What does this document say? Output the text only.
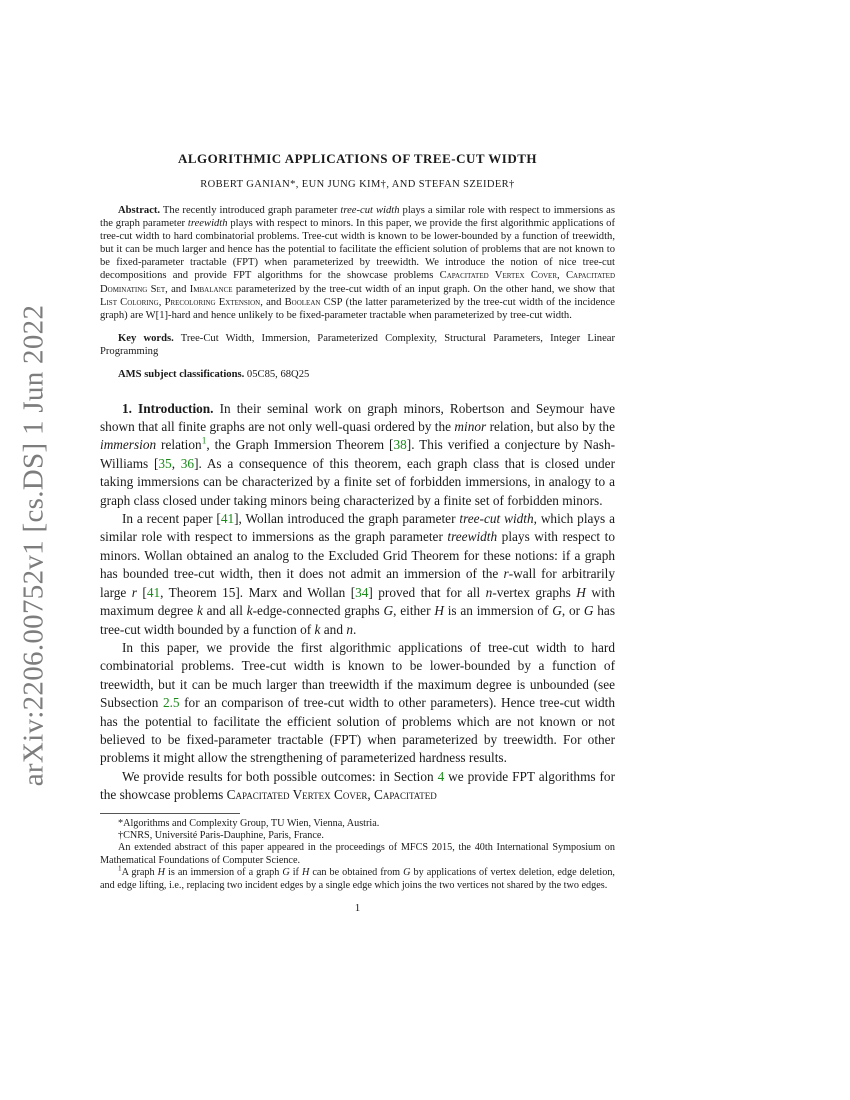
arXiv:2206.00752v1 [cs.DS] 1 Jun 2022
ALGORITHMIC APPLICATIONS OF TREE-CUT WIDTH
ROBERT GANIAN*, EUN JUNG KIM†, AND STEFAN SZEIDER†

Abstract. The recently introduced graph parameter tree-cut width plays a similar role with respect to immersions as the graph parameter treewidth plays with respect to minors. In this paper, we provide the first algorithmic applications of tree-cut width to hard combinatorial problems. Tree-cut width is known to be lower-bounded by a function of treewidth, but it can be much larger and hence has the potential to facilitate the efficient solution of problems that are not known to be fixed-parameter tractable (FPT) when parameterized by treewidth. We introduce the notion of nice tree-cut decompositions and provide FPT algorithms for the showcase problems Capacitated Vertex Cover, Capacitated Dominating Set, and Imbalance parameterized by the tree-cut width of an input graph. On the other hand, we show that List Coloring, Precoloring Extension, and Boolean CSP (the latter parameterized by the tree-cut width of the incidence graph) are W[1]-hard and hence unlikely to be fixed-parameter tractable when parameterized by tree-cut width.

Key words. Tree-Cut Width, Immersion, Parameterized Complexity, Structural Parameters, Integer Linear Programming

AMS subject classifications. 05C85, 68Q25

1. Introduction. In their seminal work on graph minors, Robertson and Seymour have shown that all finite graphs are not only well-quasi ordered by the minor relation, but also by the immersion relation$^1$, the Graph Immersion Theorem [38]. This verified a conjecture by Nash-Williams [35, 36]. As a consequence of this theorem, each graph class that is closed under taking immersions can be characterized by a finite set of forbidden immersions, in analogy to a graph class closed under taking minors being characterized by a finite set of forbidden minors.

In a recent paper [41], Wollan introduced the graph parameter tree-cut width, which plays a similar role with respect to immersions as the graph parameter treewidth plays with respect to minors. Wollan obtained an analog to the Excluded Grid Theorem for these notions: if a graph has bounded tree-cut width, then it does not admit an immersion of the r-wall for arbitrarily large r [41, Theorem 15]. Marx and Wollan [34] proved that for all n-vertex graphs H with maximum degree k and all k-edge-connected graphs G, either H is an immersion of G, or G has tree-cut width bounded by a function of k and n.

In this paper, we provide the first algorithmic applications of tree-cut width to hard combinatorial problems. Tree-cut width is known to be lower-bounded by a function of treewidth, but it can be much larger than treewidth if the maximum degree is unbounded (see Subsection 2.5 for an comparison of tree-cut width to other parameters). Hence tree-cut width has the potential to facilitate the efficient solution of problems which are not known or not believed to be fixed-parameter tractable (FPT) when parameterized by treewidth. For other problems it might allow the strengthening of parameterized hardness results.

We provide results for both possible outcomes: in Section 4 we provide FPT algorithms for the showcase problems Capacitated Vertex Cover, Capacitated

*Algorithms and Complexity Group, TU Wien, Vienna, Austria.

†CNRS, Université Paris-Dauphine, Paris, France.

An extended abstract of this paper appeared in the proceedings of MFCS 2015, the 40th International Symposium on Mathematical Foundations of Computer Science.

$^1$A graph H is an immersion of a graph G if H can be obtained from G by applications of vertex deletion, edge deletion, and edge lifting, i.e., replacing two incident edges by a single edge which joins the two vertices not shared by the two edges.

1
